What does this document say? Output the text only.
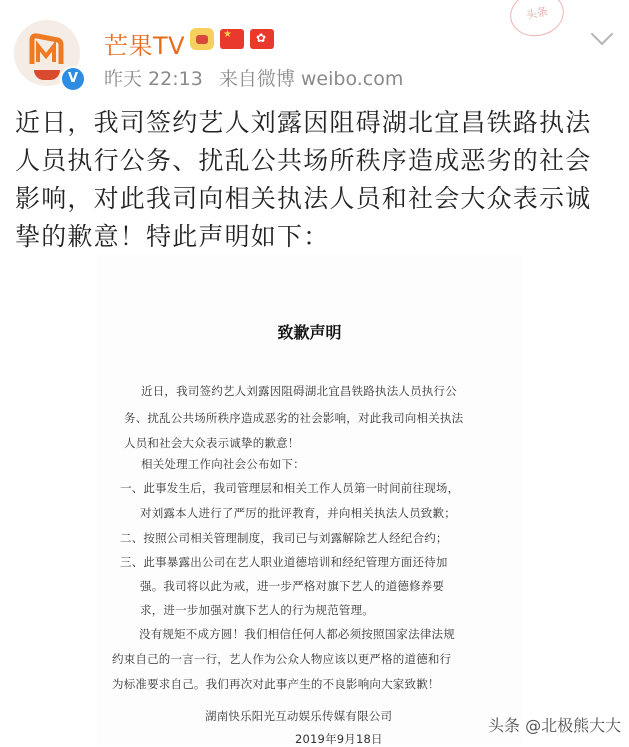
V
芒果TV
★
✿
昨天 22:13 来自微博 weibo.com
头条
近日，我司签约艺人刘露因阻碍湖北宜昌铁路执法人员执行公务、扰乱公共场所秩序造成恶劣的社会影响，对此我司向相关执法人员和社会大众表示诚挚的歉意！特此声明如下：
致歉声明
近日，我司签约艺人刘露因阻碍湖北宜昌铁路执法人员执行公
务、扰乱公共场所秩序造成恶劣的社会影响，对此我司向相关执法
人员和社会大众表示诚挚的歉意！
相关处理工作向社会公布如下：
一、此事发生后，我司管理层和相关工作人员第一时间前往现场，
对刘露本人进行了严厉的批评教育，并向相关执法人员致歉；
二、按照公司相关管理制度，我司已与刘露解除艺人经纪合约；
三、此事暴露出公司在艺人职业道德培训和经纪管理方面还待加
强。我司将以此为戒，进一步严格对旗下艺人的道德修养要
求，进一步加强对旗下艺人的行为规范管理。
没有规矩不成方圆！我们相信任何人都必须按照国家法律法规
约束自己的一言一行，艺人作为公众人物应该以更严格的道德和行
为标准要求自己。我们再次对此事产生的不良影响向大家致歉！
湖南快乐阳光互动娱乐传媒有限公司
2019年9月18日
头条 @北极熊大大
